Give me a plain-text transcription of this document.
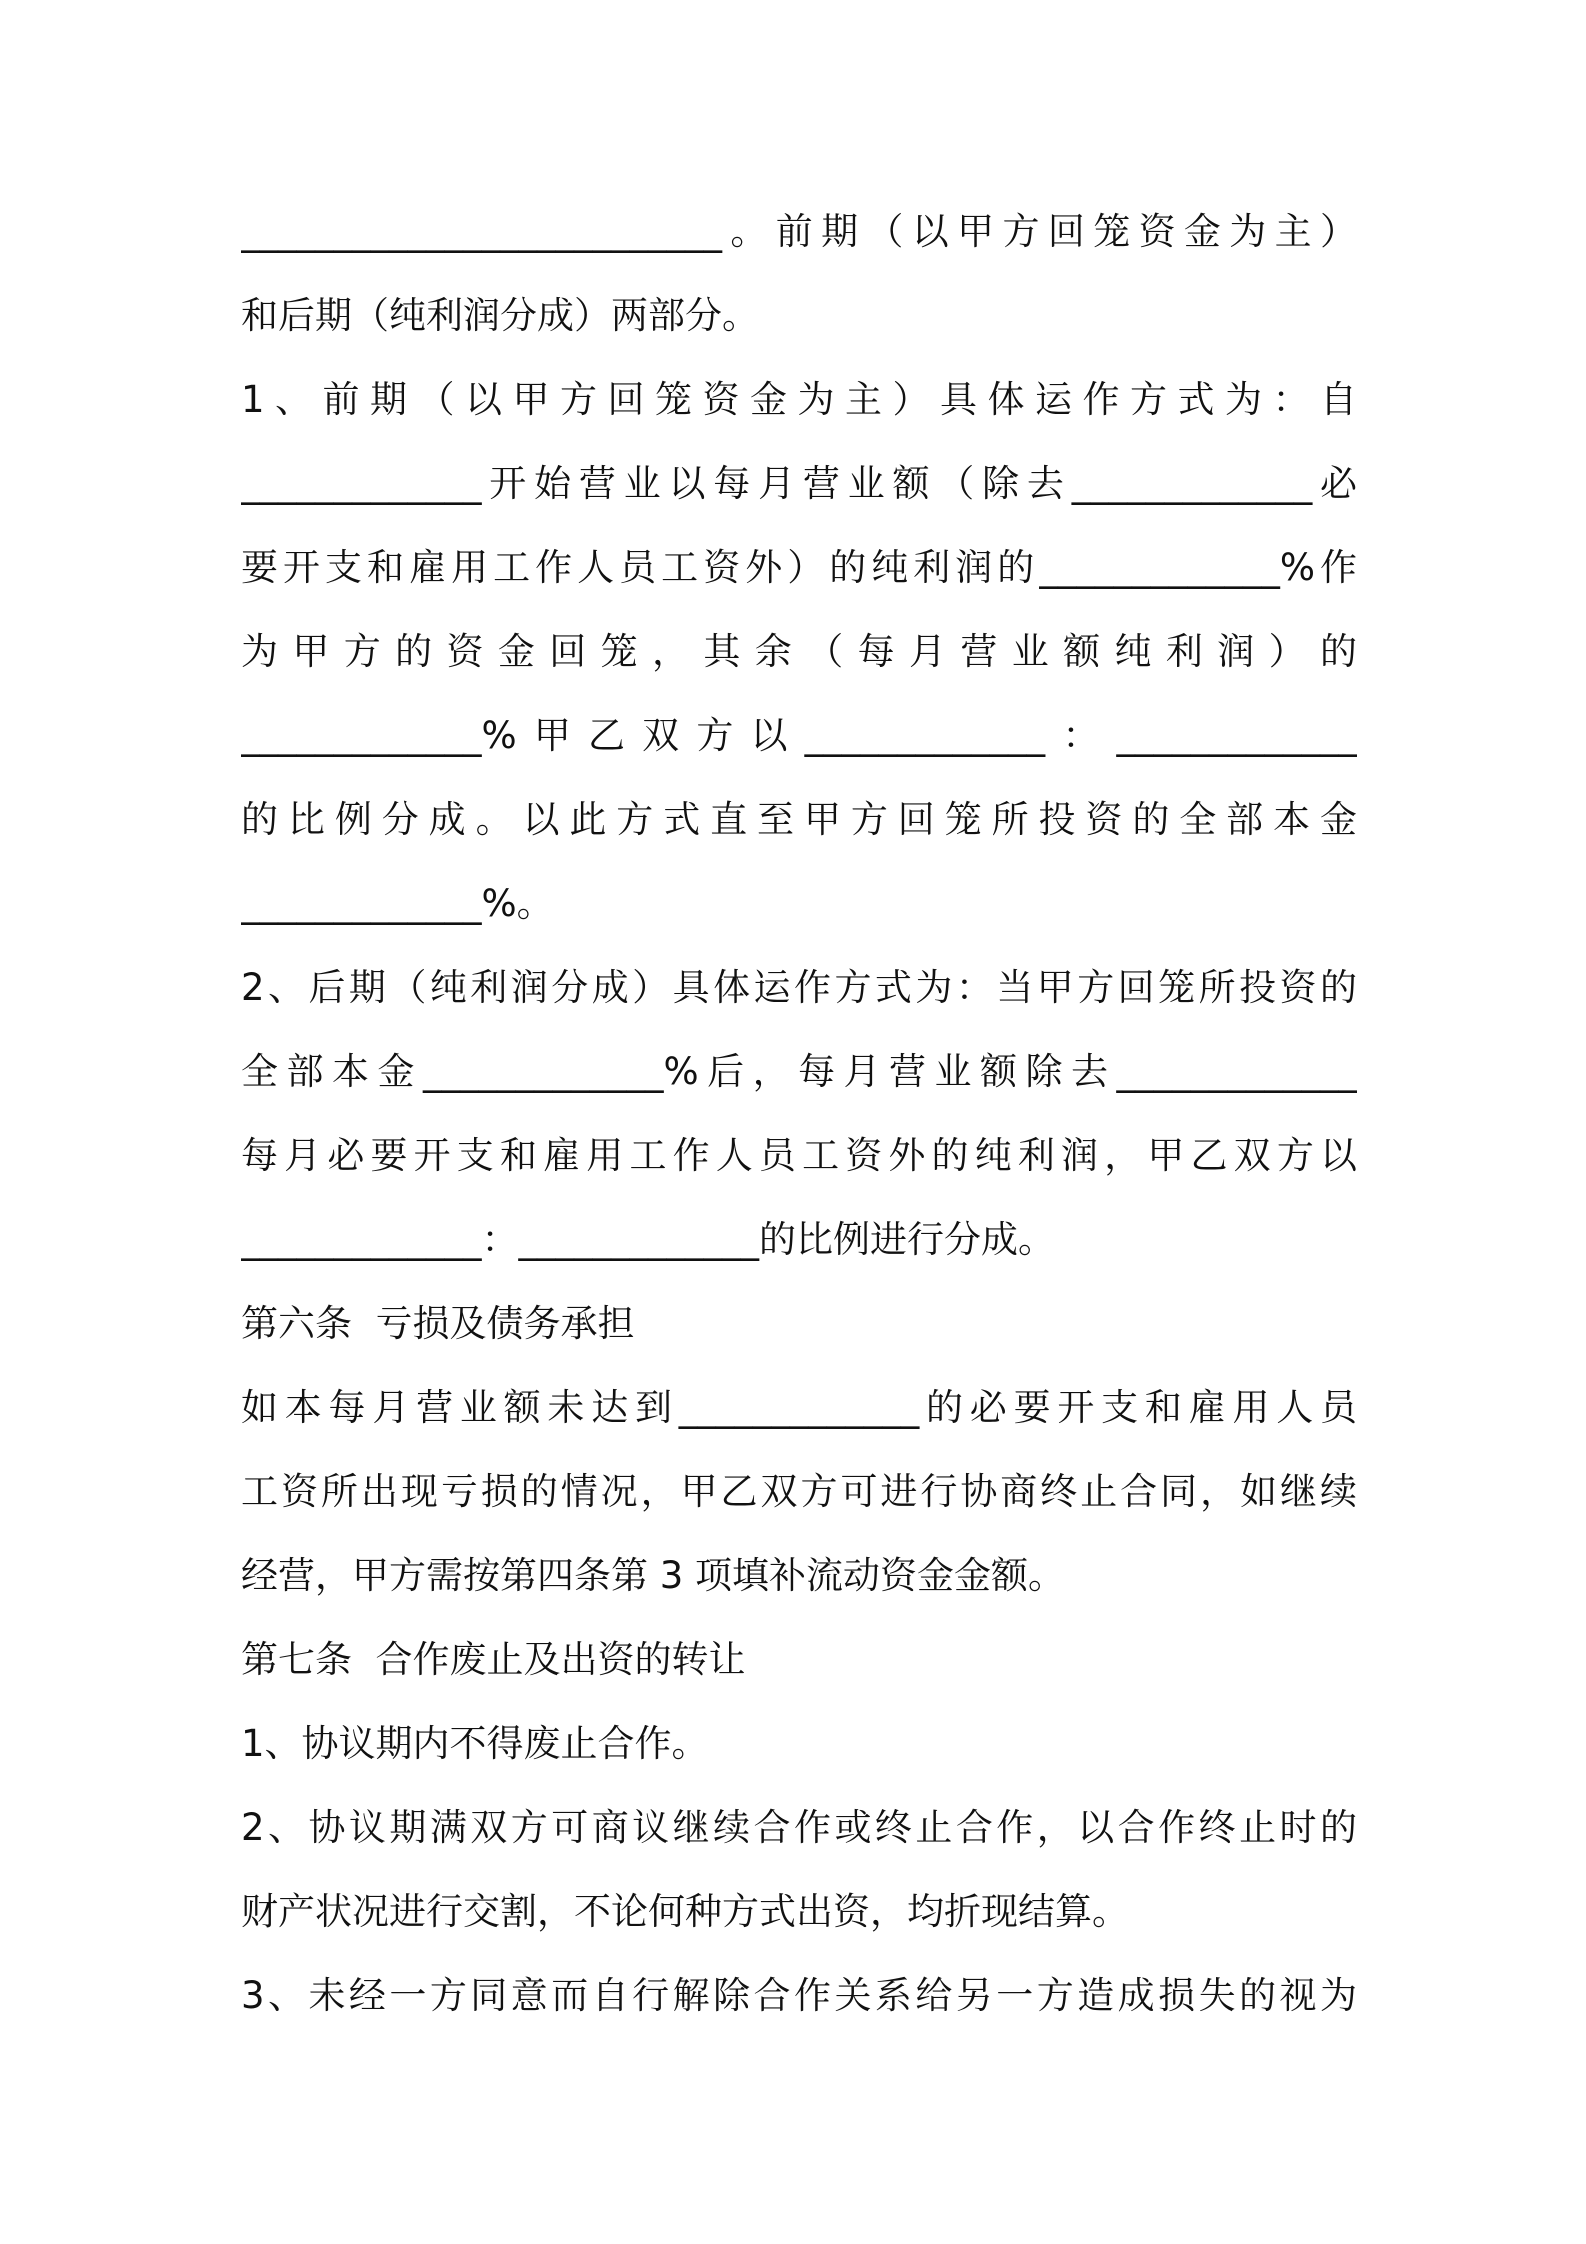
__________________________。前期（以甲方回笼资金为主）
和后期（纯利润分成）两部分。
1、前期（以甲方回笼资金为主）具体运作方式为：自
_____________开始营业以每月营业额（除去_____________必
要开支和雇用工作人员工资外）的纯利润的_____________%作
为甲方的资金回笼，其余（每月营业额纯利润）的
_____________%甲乙双方以_____________：_____________
的比例分成。以此方式直至甲方回笼所投资的全部本金
_____________%。
2、后期（纯利润分成）具体运作方式为：当甲方回笼所投资的
全部本金_____________%后，每月营业额除去_____________
每月必要开支和雇用工作人员工资外的纯利润，甲乙双方以
_____________：_____________的比例进行分成。
第六条  亏损及债务承担
如本每月营业额未达到_____________的必要开支和雇用人员
工资所出现亏损的情况，甲乙双方可进行协商终止合同，如继续
经营，甲方需按第四条第 3 项填补流动资金金额。
第七条  合作废止及出资的转让
1、协议期内不得废止合作。
2、协议期满双方可商议继续合作或终止合作，以合作终止时的
财产状况进行交割，不论何种方式出资，均折现结算。
3、未经一方同意而自行解除合作关系给另一方造成损失的视为
